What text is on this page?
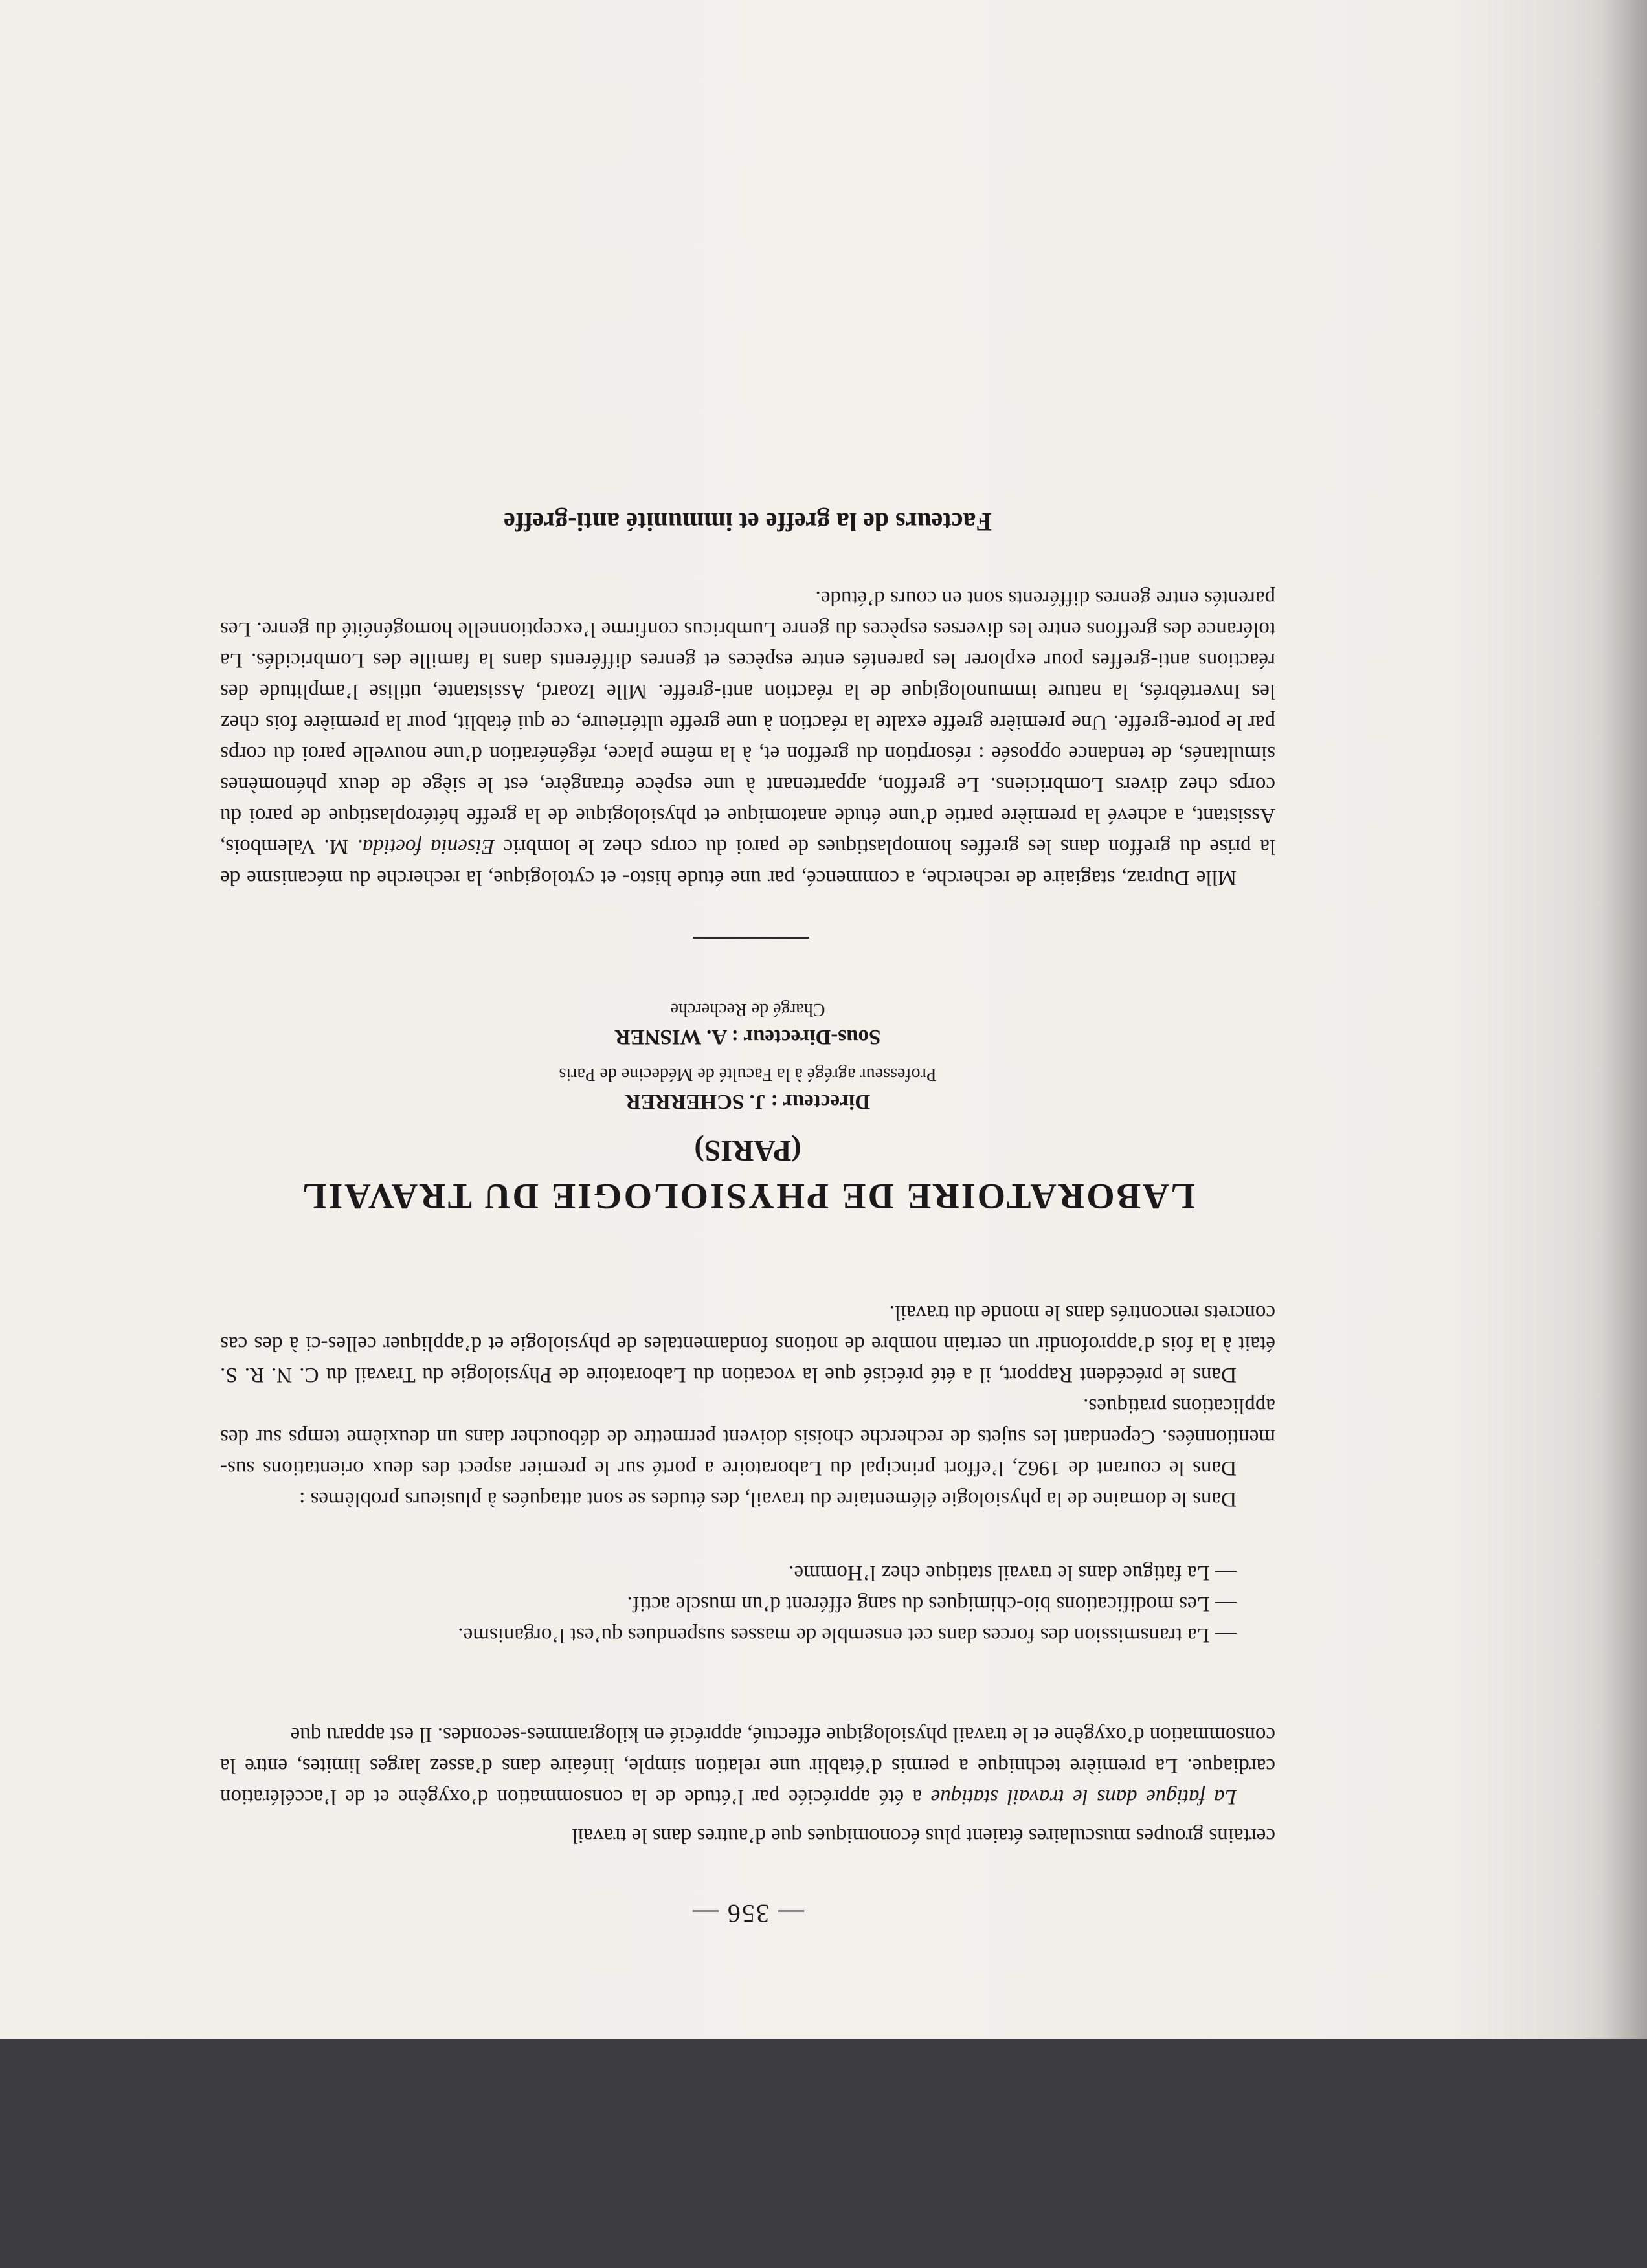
— 356 —

certains groupes musculaires étaient plus économiques que d’autres dans le travail

La fatigue dans le travail statique a été appréciée par l’étude de la consommation d’oxygène et de l’accélération cardiaque. La première technique a permis d’établir une relation simple, linéaire dans d’assez larges limites, entre la consommation d’oxygène et le travail physiologique effectué, apprécié en kilogrammes-secondes. Il est apparu que

— La transmission des forces dans cet ensemble de masses suspendues qu’est l’organisme.

— Les modifications bio-chimiques du sang efférent d’un muscle actif.

— La fatigue dans le travail statique chez l’Homme.

Dans le domaine de la physiologie élémentaire du travail, des études se sont attaquées à plusieurs problèmes :

Dans le courant de 1962, l’effort principal du Laboratoire a porté sur le premier aspect des deux orientations sus-mentionnées. Cependant les sujets de recherche choisis doivent permettre de déboucher dans un deuxième temps sur des applications pratiques.

Dans le précédent Rapport, il a été précisé que la vocation du Laboratoire de Physiologie du Travail du C. N. R. S. était à la fois d’approfondir un certain nombre de notions fondamentales de physiologie et d’appliquer celles-ci à des cas concrets rencontrés dans le monde du travail.

LABORATOIRE DE PHYSIOLOGIE DU TRAVAIL
(PARIS)
Directeur : J. SCHERRER
Professeur agrégé à la Faculté de Médecine de Paris
Sous-Directeur : A. WISNER
Chargé de Recherche

Mlle Dupraz, stagiaire de recherche, a commencé, par une étude histo- et cytologique, la recherche du mécanisme de la prise du greffon dans les greffes homoplastiques de paroi du corps chez le lombric Eisenia foetida. M. Valembois, Assistant, a achevé la première partie d’une étude anatomique et physiologique de la greffe hétéroplastique de paroi du corps chez divers Lombriciens. Le greffon, appartenant à une espèce étrangère, est le siège de deux phénomènes simultanés, de tendance opposée : résorption du greffon et, à la même place, régénération d’une nouvelle paroi du corps par le porte-greffe. Une première greffe exalte la réaction à une greffe ultérieure, ce qui établit, pour la première fois chez les Invertébrés, la nature immunologique de la réaction anti-greffe. Mlle Izoard, Assistante, utilise l’amplitude des réactions anti-greffes pour explorer les parentés entre espèces et genres différents dans la famille des Lombricidés. La tolérance des greffons entre les diverses espèces du genre Lumbricus confirme l’exceptionnelle homogénéité du genre. Les parentés entre genres différents sont en cours d’étude.

Facteurs de la greffe et immunité anti-greffe
